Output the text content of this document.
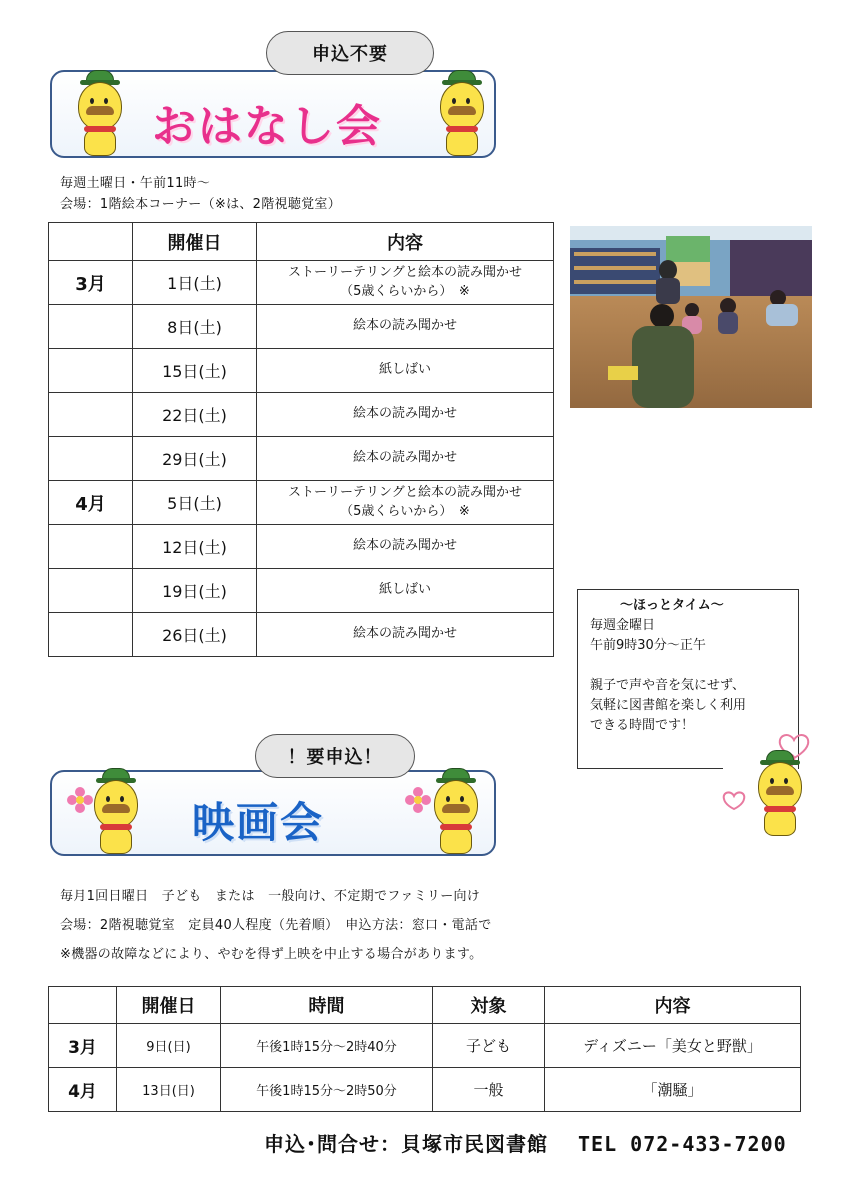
申込不要
おはなし会
毎週土曜日・午前11時～
会場：1階絵本コーナー（※は、2階視聴覚室）
	開催日	内容
3月	1日(土)	ストーリーテリングと絵本の読み聞かせ
（5歳くらいから）　※

	8日(土)	絵本の読み聞かせ
	15日(土)	紙しばい
	22日(土)	絵本の読み聞かせ
	29日(土)	絵本の読み聞かせ
4月	5日(土)	ストーリーテリングと絵本の読み聞かせ
（5歳くらいから）　※

	12日(土)	絵本の読み聞かせ
	19日(土)	紙しばい
	26日(土)	絵本の読み聞かせ
～ほっとタイム～
毎週金曜日
午前9時30分～正午
親子で声や音を気にせず、
気軽に図書館を楽しく利用
できる時間です！
！要申込！
映画会
毎月1回日曜日　子ども　または　一般向け、不定期でファミリー向け
会場：2階視聴覚室　定員40人程度（先着順）　申込方法：窓口・電話で
※機器の故障などにより、やむを得ず上映を中止する場合があります。
	開催日	時間	対象	内容
3月	9日(日)	午後1時15分～2時40分	子ども	ディズニー「美女と野獣」
4月	13日(日)	午後1時15分～2時50分	一般	「潮騒」
申込･問合せ：貝塚市民図書館 TEL 072-433-7200
